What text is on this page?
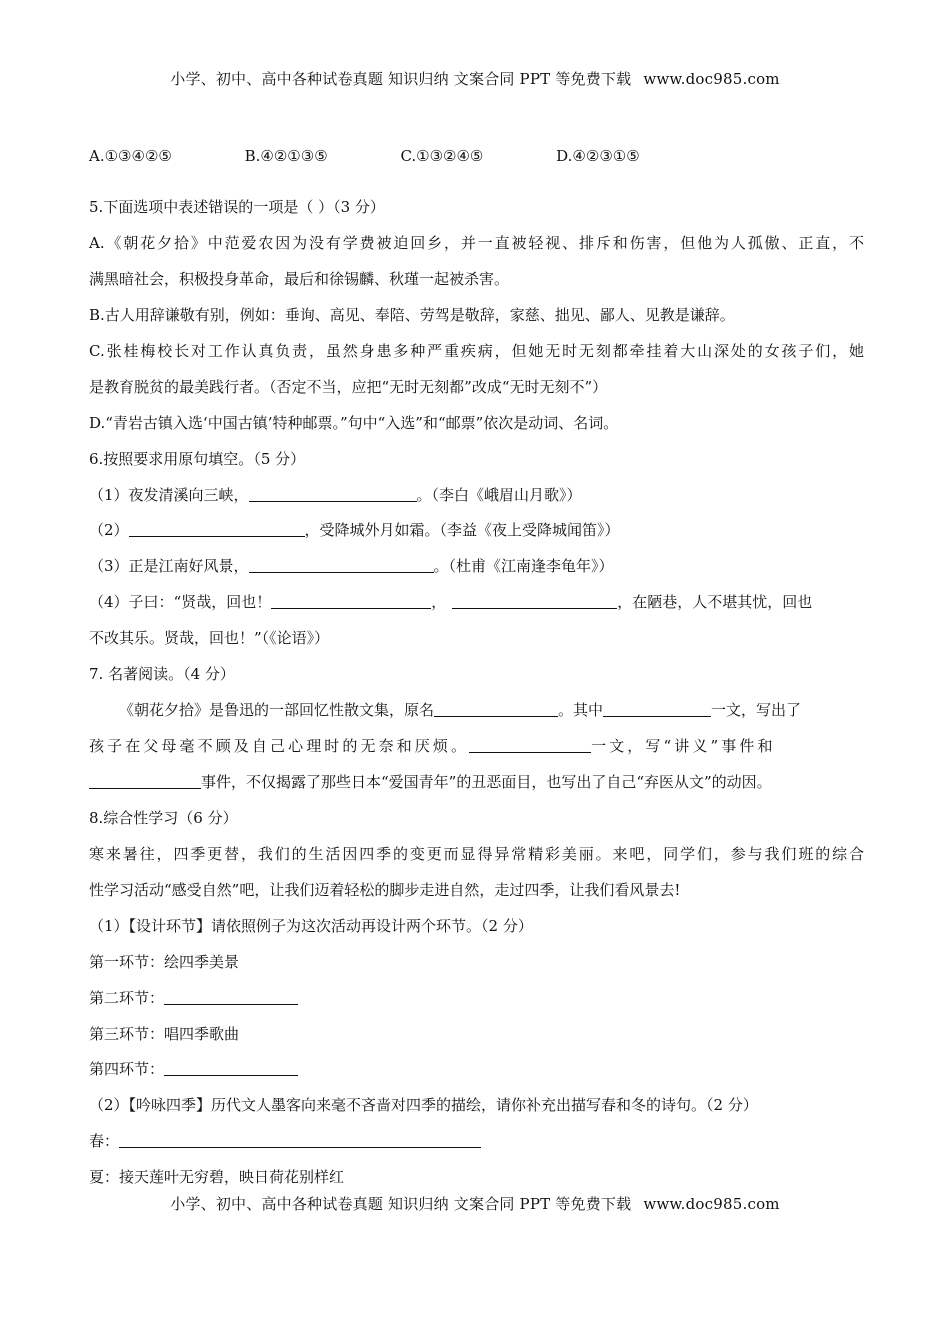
小学、初中、高中各种试卷真题 知识归纳 文案合同 PPT 等免费下载 www.doc985.com
A.①③④②⑤	B.④②①③⑤	C.①③②④⑤	D.④②③①⑤
5.下面选项中表述错误的一项是（ ）（3 分）
A.《朝花夕拾》中范爱农因为没有学费被迫回乡，并一直被轻视、排斥和伤害，但他为人孤傲、正直，不
满黑暗社会，积极投身革命，最后和徐锡麟、秋瑾一起被杀害。
B.古人用辞谦敬有别，例如：垂询、高见、奉陪、劳驾是敬辞，家慈、拙见、鄙人、见教是谦辞。
C.张桂梅校长对工作认真负责，虽然身患多种严重疾病，但她无时无刻都牵挂着大山深处的女孩子们，她
是教育脱贫的最美践行者。（否定不当，应把“无时无刻都”改成“无时无刻不”）
D.“青岩古镇入选‘中国古镇’特种邮票。”句中“入选”和“邮票”依次是动词、名词。
6.按照要求用原句填空。（5 分）
（1）夜发清溪向三峡，	。（李白《峨眉山月歌》）
（2）	，受降城外月如霜。（李益《夜上受降城闻笛》）
（3）正是江南好风景，	。（杜甫《江南逢李龟年》）
（4）子曰：“贤哉，回也！	，	，在陋巷，人不堪其忧，回也
不改其乐。贤哉，回也！”（《论语》）
7. 名著阅读。（4 分）
《朝花夕拾》是鲁迅的一部回忆性散文集，原名	。其中	一文，写出了
孩子在父母毫不顾及自己心理时的无奈和厌烦。	一文，写“讲义”事件和
事件，不仅揭露了那些日本“爱国青年”的丑恶面目，也写出了自己“弃医从文”的动因。
8.综合性学习（6 分）
寒来暑往，四季更替，我们的生活因四季的变更而显得异常精彩美丽。来吧，同学们，参与我们班的综合
性学习活动“感受自然”吧，让我们迈着轻松的脚步走进自然，走过四季，让我们看风景去!
（1）【设计环节】请依照例子为这次活动再设计两个环节。（2 分）
第一环节：绘四季美景
第二环节：
第三环节：唱四季歌曲
第四环节：
（2）【吟咏四季】历代文人墨客向来毫不吝啬对四季的描绘，请你补充出描写春和冬的诗句。（2 分）
春：
夏：接天莲叶无穷碧，映日荷花别样红
小学、初中、高中各种试卷真题 知识归纳 文案合同 PPT 等免费下载 www.doc985.com
